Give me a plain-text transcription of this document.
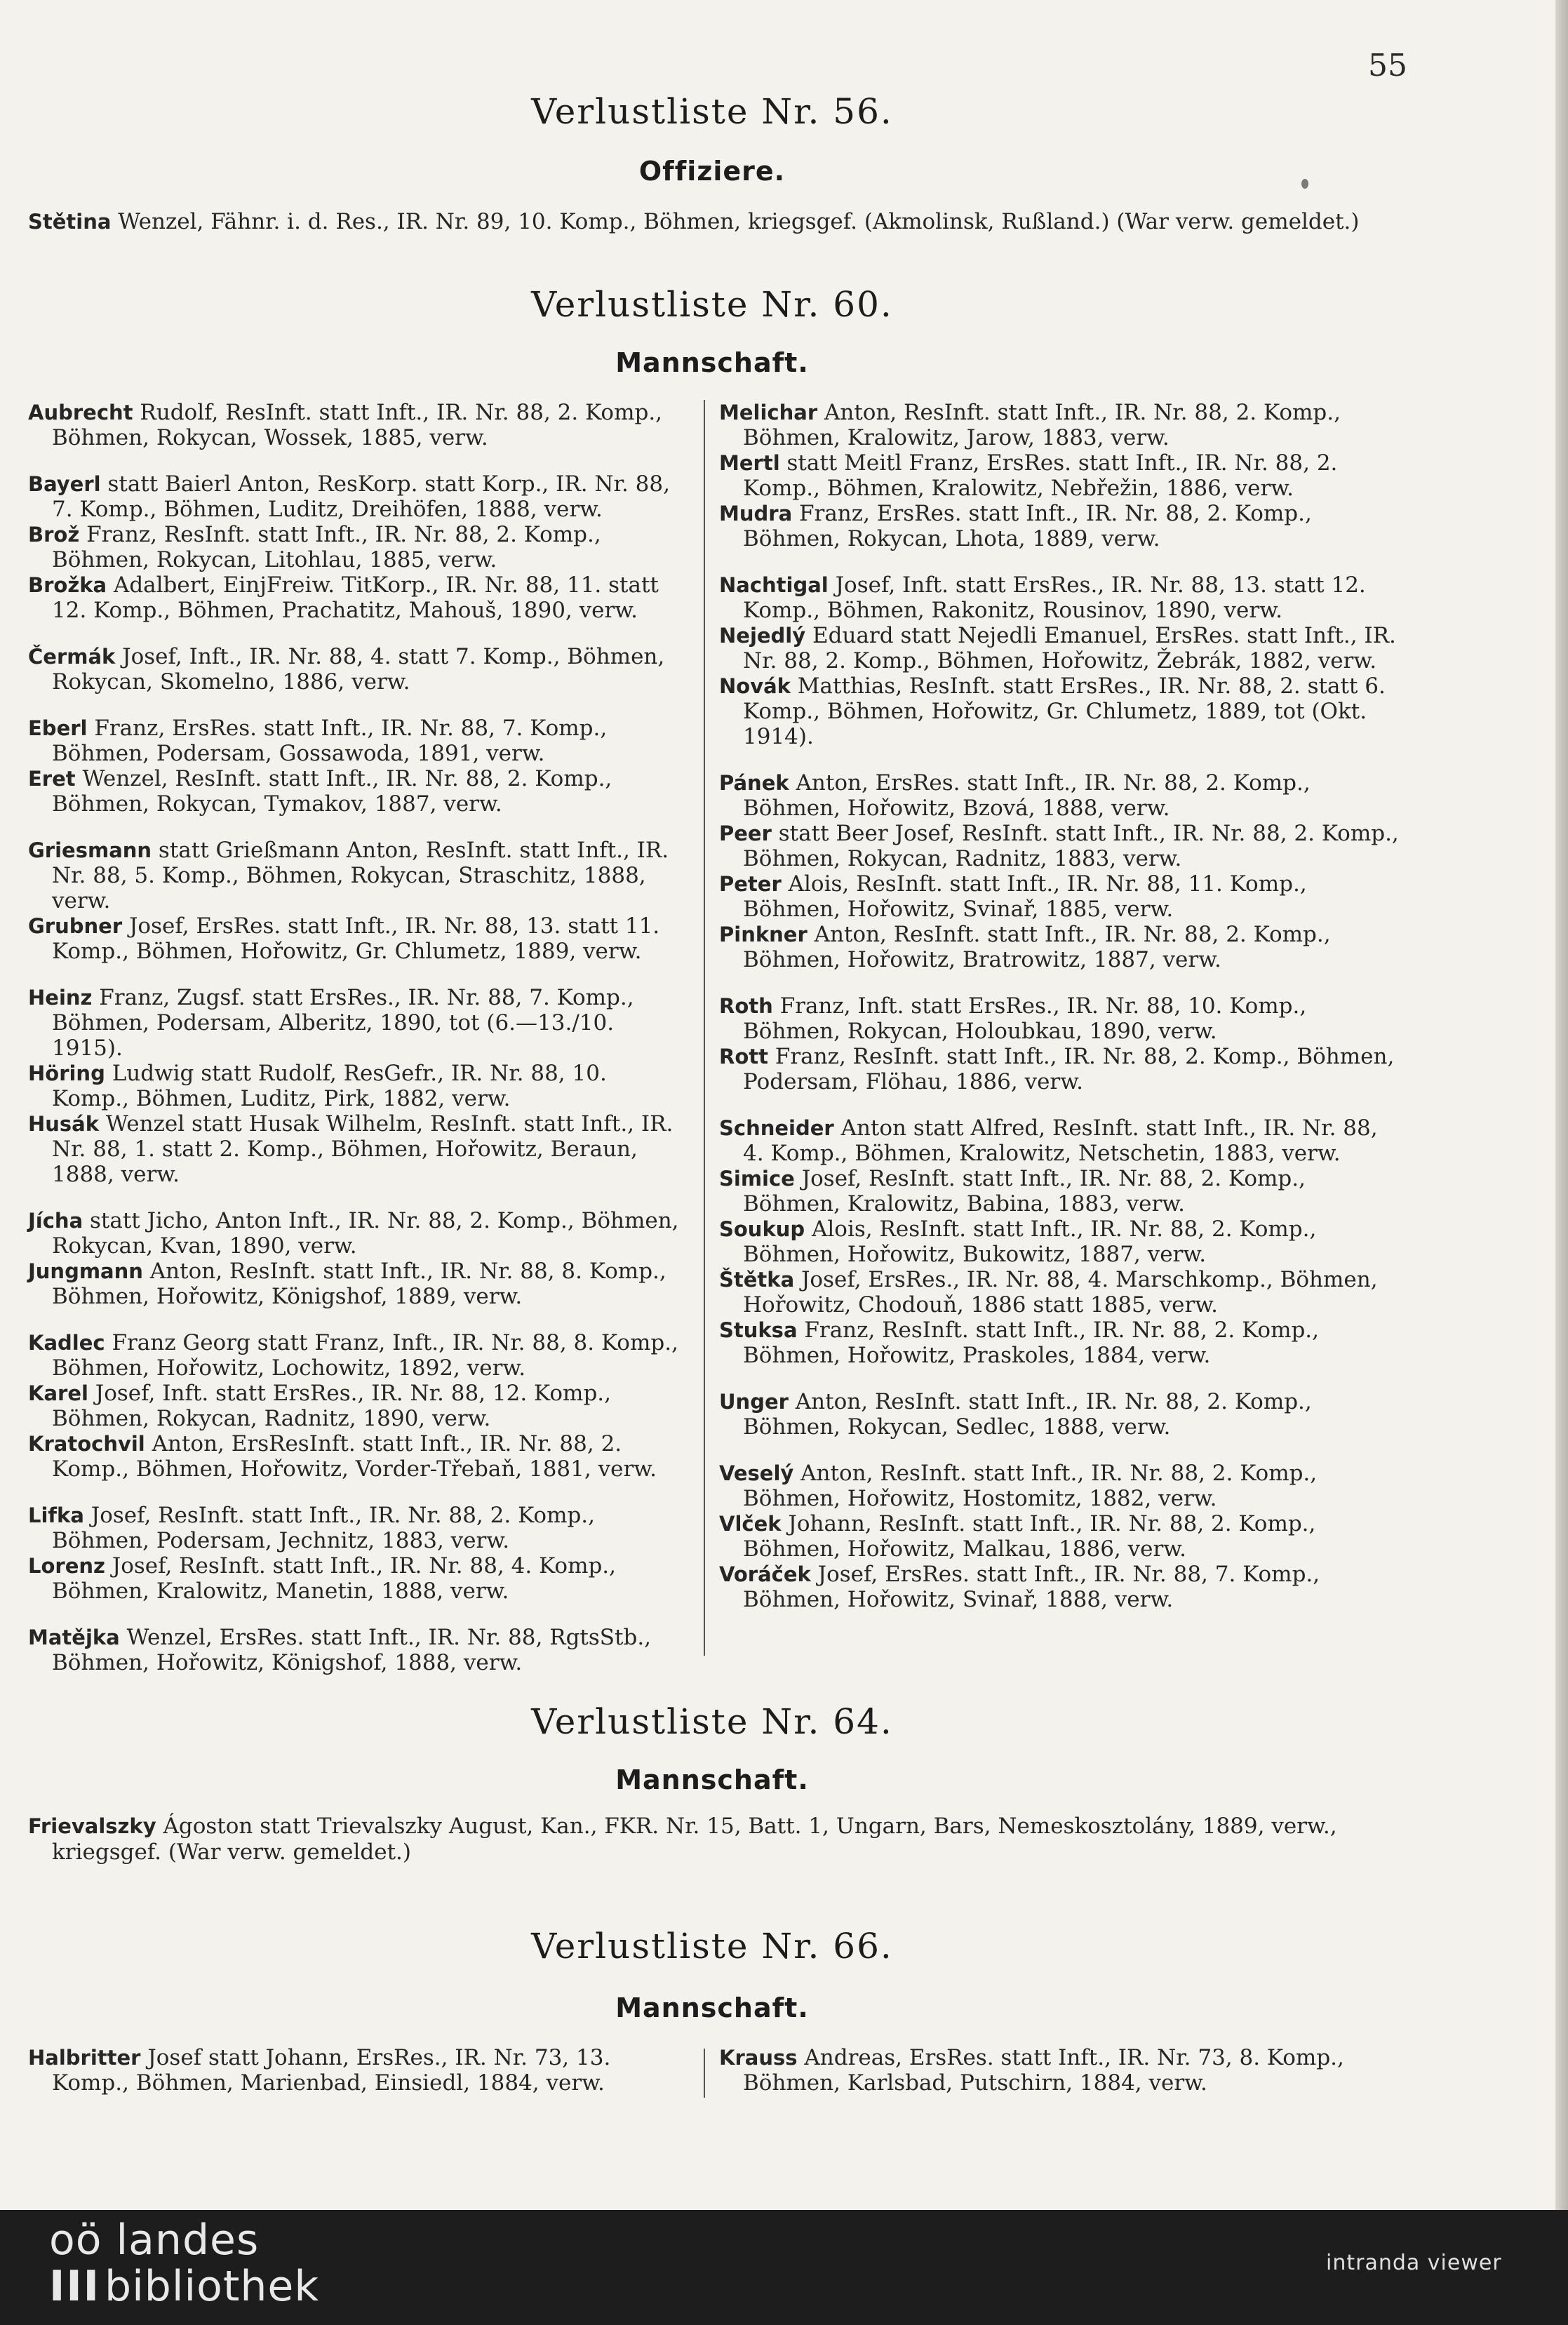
55
Verlustliste Nr. 56.
Offiziere.
Stětina Wenzel, Fähnr. i. d. Res., IR. Nr. 89, 10. Komp., Böhmen, kriegsgef. (Akmolinsk, Rußland.) (War verw. gemeldet.)
Verlustliste Nr. 60.
Mannschaft.
Aubrecht Rudolf, ResInft. statt Inft., IR. Nr. 88, 2. Komp., Böhmen, Rokycan, Wossek, 1885, verw.
Bayerl statt Baierl Anton, ResKorp. statt Korp., IR. Nr. 88, 7. Komp., Böhmen, Luditz, Dreihöfen, 1888, verw.
Brož Franz, ResInft. statt Inft., IR. Nr. 88, 2. Komp., Böhmen, Rokycan, Litohlau, 1885, verw.
Brožka Adalbert, EinjFreiw. TitKorp., IR. Nr. 88, 11. statt 12. Komp., Böhmen, Prachatitz, Mahouš, 1890, verw.
Čermák Josef, Inft., IR. Nr. 88, 4. statt 7. Komp., Böhmen, Rokycan, Skomelno, 1886, verw.
Eberl Franz, ErsRes. statt Inft., IR. Nr. 88, 7. Komp., Böhmen, Podersam, Gossawoda, 1891, verw.
Eret Wenzel, ResInft. statt Inft., IR. Nr. 88, 2. Komp., Böhmen, Rokycan, Tymakov, 1887, verw.
Griesmann statt Grießmann Anton, ResInft. statt Inft., IR. Nr. 88, 5. Komp., Böhmen, Rokycan, Straschitz, 1888, verw.
Grubner Josef, ErsRes. statt Inft., IR. Nr. 88, 13. statt 11. Komp., Böhmen, Hořowitz, Gr. Chlumetz, 1889, verw.
Heinz Franz, Zugsf. statt ErsRes., IR. Nr. 88, 7. Komp., Böhmen, Podersam, Alberitz, 1890, tot (6.—13./10. 1915).
Höring Ludwig statt Rudolf, ResGefr., IR. Nr. 88, 10. Komp., Böhmen, Luditz, Pirk, 1882, verw.
Husák Wenzel statt Husak Wilhelm, ResInft. statt Inft., IR. Nr. 88, 1. statt 2. Komp., Böhmen, Hořowitz, Beraun, 1888, verw.
Jícha statt Jicho, Anton Inft., IR. Nr. 88, 2. Komp., Böhmen, Rokycan, Kvan, 1890, verw.
Jungmann Anton, ResInft. statt Inft., IR. Nr. 88, 8. Komp., Böhmen, Hořowitz, Königshof, 1889, verw.
Kadlec Franz Georg statt Franz, Inft., IR. Nr. 88, 8. Komp., Böhmen, Hořowitz, Lochowitz, 1892, verw.
Karel Josef, Inft. statt ErsRes., IR. Nr. 88, 12. Komp., Böhmen, Rokycan, Radnitz, 1890, verw.
Kratochvil Anton, ErsResInft. statt Inft., IR. Nr. 88, 2. Komp., Böhmen, Hořowitz, Vorder-Třebaň, 1881, verw.
Lifka Josef, ResInft. statt Inft., IR. Nr. 88, 2. Komp., Böhmen, Podersam, Jechnitz, 1883, verw.
Lorenz Josef, ResInft. statt Inft., IR. Nr. 88, 4. Komp., Böhmen, Kralowitz, Manetin, 1888, verw.
Matějka Wenzel, ErsRes. statt Inft., IR. Nr. 88, RgtsStb., Böhmen, Hořowitz, Königshof, 1888, verw.
Melichar Anton, ResInft. statt Inft., IR. Nr. 88, 2. Komp., Böhmen, Kralowitz, Jarow, 1883, verw.
Mertl statt Meitl Franz, ErsRes. statt Inft., IR. Nr. 88, 2. Komp., Böhmen, Kralowitz, Nebřežin, 1886, verw.
Mudra Franz, ErsRes. statt Inft., IR. Nr. 88, 2. Komp., Böhmen, Rokycan, Lhota, 1889, verw.
Nachtigal Josef, Inft. statt ErsRes., IR. Nr. 88, 13. statt 12. Komp., Böhmen, Rakonitz, Rousinov, 1890, verw.
Nejedlý Eduard statt Nejedli Emanuel, ErsRes. statt Inft., IR. Nr. 88, 2. Komp., Böhmen, Hořowitz, Žebrák, 1882, verw.
Novák Matthias, ResInft. statt ErsRes., IR. Nr. 88, 2. statt 6. Komp., Böhmen, Hořowitz, Gr. Chlumetz, 1889, tot (Okt. 1914).
Pánek Anton, ErsRes. statt Inft., IR. Nr. 88, 2. Komp., Böhmen, Hořowitz, Bzová, 1888, verw.
Peer statt Beer Josef, ResInft. statt Inft., IR. Nr. 88, 2. Komp., Böhmen, Rokycan, Radnitz, 1883, verw.
Peter Alois, ResInft. statt Inft., IR. Nr. 88, 11. Komp., Böhmen, Hořowitz, Svinař, 1885, verw.
Pinkner Anton, ResInft. statt Inft., IR. Nr. 88, 2. Komp., Böhmen, Hořowitz, Bratrowitz, 1887, verw.
Roth Franz, Inft. statt ErsRes., IR. Nr. 88, 10. Komp., Böhmen, Rokycan, Holoubkau, 1890, verw.
Rott Franz, ResInft. statt Inft., IR. Nr. 88, 2. Komp., Böhmen, Podersam, Flöhau, 1886, verw.
Schneider Anton statt Alfred, ResInft. statt Inft., IR. Nr. 88, 4. Komp., Böhmen, Kralowitz, Netschetin, 1883, verw.
Simice Josef, ResInft. statt Inft., IR. Nr. 88, 2. Komp., Böhmen, Kralowitz, Babina, 1883, verw.
Soukup Alois, ResInft. statt Inft., IR. Nr. 88, 2. Komp., Böhmen, Hořowitz, Bukowitz, 1887, verw.
Štětka Josef, ErsRes., IR. Nr. 88, 4. Marschkomp., Böhmen, Hořowitz, Chodouň, 1886 statt 1885, verw.
Stuksa Franz, ResInft. statt Inft., IR. Nr. 88, 2. Komp., Böhmen, Hořowitz, Praskoles, 1884, verw.
Unger Anton, ResInft. statt Inft., IR. Nr. 88, 2. Komp., Böhmen, Rokycan, Sedlec, 1888, verw.
Veselý Anton, ResInft. statt Inft., IR. Nr. 88, 2. Komp., Böhmen, Hořowitz, Hostomitz, 1882, verw.
Vlček Johann, ResInft. statt Inft., IR. Nr. 88, 2. Komp., Böhmen, Hořowitz, Malkau, 1886, verw.
Voráček Josef, ErsRes. statt Inft., IR. Nr. 88, 7. Komp., Böhmen, Hořowitz, Svinař, 1888, verw.
Verlustliste Nr. 64.
Mannschaft.
Frievalszky Ágoston statt Trievalszky August, Kan., FKR. Nr. 15, Batt. 1, Ungarn, Bars, Nemeskosztolány, 1889, verw., kriegsgef. (War verw. gemeldet.)
Verlustliste Nr. 66.
Mannschaft.
Halbritter Josef statt Johann, ErsRes., IR. Nr. 73, 13. Komp., Böhmen, Marienbad, Einsiedl, 1884, verw.
Krauss Andreas, ErsRes. statt Inft., IR. Nr. 73, 8. Komp., Böhmen, Karlsbad, Putschirn, 1884, verw.
oö landes
III bibliothek	intranda viewer
